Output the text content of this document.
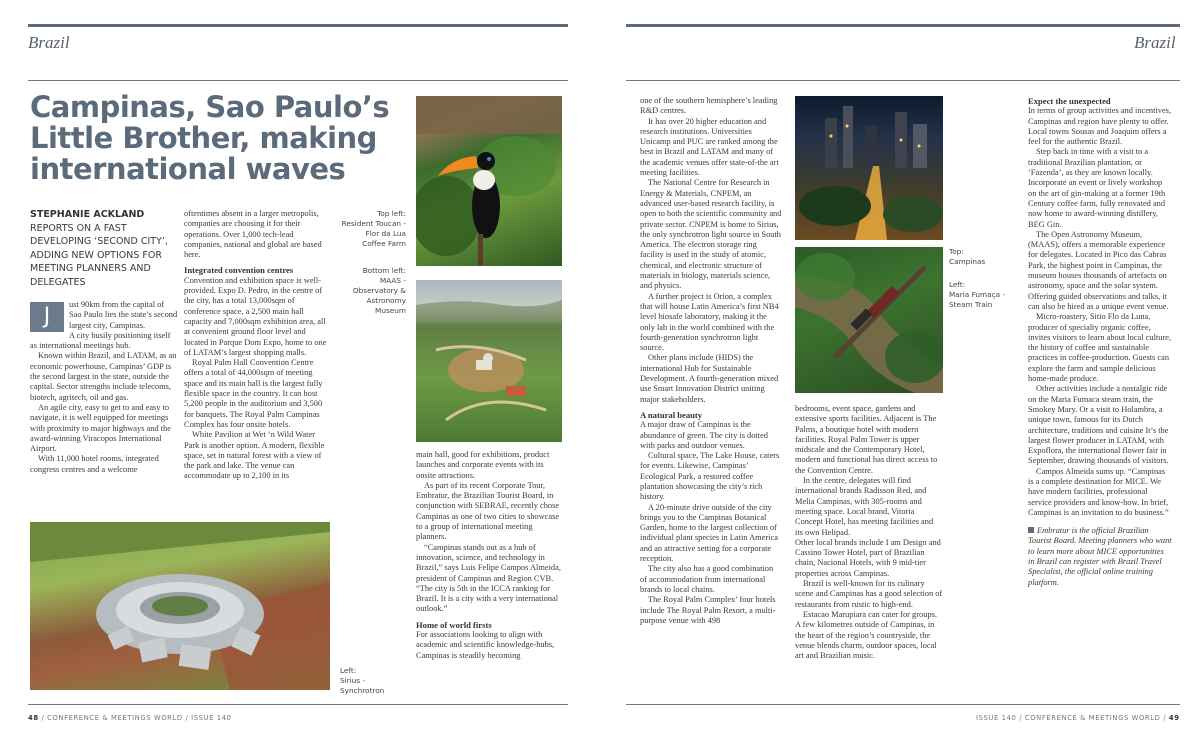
Brazil	Brazil
Campinas, Sao Paulo’s Little Brother, making international waves
STEPHANIE ACKLAND
REPORTS ON A FAST DEVELOPING ‘SECOND CITY’, ADDING NEW OPTIONS FOR MEETING PLANNERS AND DELEGATES

J	ust 90km from the capital of Sao Paulo lies the state’s second largest city, Campinas.

A city busily positioning itself as international meetings hub.

Known within Brazil, and LATAM, as an economic powerhouse, Campinas’ GDP is the second largest in the state, outside the capital. Sector strengths include telecoms, biotech, agritech, oil and gas.

An agile city, easy to get to and easy to navigate, it is well equipped for meetings with proximity to major highways and the award-winning Viracopos International Airport.

With 11,000 hotel rooms, integrated congress centres and a welcome

oftentimes absent in a larger metropolis, companies are choosing it for their operations. Over 1,000 tech-lead companies, national and global are based here.

Integrated convention centres

Convention and exhibition space is well-provided. Expo D. Pedro, in the centre of the city, has a total 13,000sqm of conference space, a 2,500 main hall capacity and 7,000sqm exhibition area, all at convenient ground floor level and located in Parque Dom Expo, home to one of LATAM’s largest shopping malls.

Royal Palm Hall Convention Centre offers a total of 44,000sqm of meeting space and its main hall is the largest fully flexible space in the country. It can host 5,200 people in the auditorium and 3,500 for banquets. The Royal Palm Campinas Complex has four onsite hotels.

White Pavilion at Wet ‘n Wild Water Park is another option. A modern, flexible space, set in natural forest with a view of the park and lake. The venue can accommodate up to 2,100 in its

Top left:

Resident Toucan - Flor da Lua Coffee Farm

Bottom left:

MAAS - Observatory & Astronomy Museum

Left:

Sirius - Synchrotron

main hall, good for exhibitions, product launches and corporate events with its onsite attractions.

As part of its recent Corporate Tour, Embratur, the Brazilian Tourist Board, in conjunction with SEBRAE, recently chose Campinas as one of two cities to showcase to a group of international meeting planners.

“Campinas stands out as a hub of innovation, science, and technology in Brazil,” says Luis Felipe Campos Almeida, president of Campinas and Region CVB. “The city is 5th in the ICCA ranking for Brazil. It is a city with a very international outlook.”

Home of world firsts

For associations looking to align with academic and scientific knowledge-hubs, Campinas is steadily becoming

one of the southern hemisphere’s leading R&D centres.

It has over 20 higher education and research institutions. Universities Unicamp and PUC are ranked among the best in Brazil and LATAM and many of the academic venues offer state-of-the art meeting facilities.

The National Centre for Research in Energy & Materials, CNPEM, an advanced user-based research facility, is open to both the scientific community and private sector. CNPEM is home to Sirius, the only synchrotron light source in South America. The electron storage ring facility is used in the study of atomic, chemical, and electronic structure of materials in biology, materials science, and physics.

A further project is Orion, a complex that will house Latin America’s first NB4 level biosafe laboratory, making it the only lab in the world combined with the fourth-generation synchrotron light source.

Other plans include (HIDS) the international Hub for Sustainable Development. A fourth-generation mixed use Smart Innovation District uniting major stakeholders.

A natural beauty

A major draw of Campinas is the abundance of green. The city is dotted with parks and outdoor venues.

Cultural space, The Lake House, caters for events. Likewise, Campinas’ Ecological Park, a restored coffee plantation showcasing the city’s rich history.

A 20-minute drive outside of the city brings you to the Campinas Botanical Garden, home to the largest collection of individual plant species in Latin America and an attractive setting for a corporate reception.

The city also has a good combination of accommodation from international brands to local chains.

The Royal Palm Complex’ four hotels include The Royal Palm Resort, a multi-purpose venue with 498

Top:

Campinas

Left:

Maria Fumaça - Steam Train

bedrooms, event space, gardens and extensive sports facilities. Adjacent is The Palms, a boutique hotel with modern facilities. Royal Palm Tower is upper midscale and the Contemporary Hotel, modern and functional has direct access to the Convention Centre.

In the centre, delegates will find international brands Radisson Red, and Melia Campinas, with 305-rooms and meeting space. Local brand, Vitoria Concept Hotel, has meeting facilities and its own Helipad.

Other local brands include I am Design and Cassino Tower Hotel, part of Brazilian chain, Nacional Hotels, with 9 mid-tier properties across Campinas.

Brazil is well-known for its culinary scene and Campinas has a good selection of restaurants from rustic to high-end.

Estacao Marupiara can cater for groups. A few kilometres outside of Campinas, in the heart of the region’s countryside, the venue blends charm, outdoor spaces, local art and Brazilian music.

Expect the unexpected

In terms of group activities and incentives, Campinas and region have plenty to offer. Local towns Sousas and Joaquim offers a feel for the authentic Brazil.

Step back in time with a visit to a traditional Brazilian plantation, or ‘Fazenda’, as they are known locally. Incorporate an event or lively workshop on the art of gin-making at a former 19th Century coffee farm, fully renovated and now home to award-winning distillery, BEG Gin.

The Open Astronomy Museum, (MAAS), offers a memorable experience for delegates. Located in Pico das Cabras Park, the highest point in Campinas, the museum houses thousands of artefacts on astronomy, space and the solar system. Offering guided observations and talks, it can also be hired as a unique event venue.

Micro-roastery, Sitio Flo da Luna, producer of specialty organic coffee, invites visitors to learn about local culture, the history of coffee and sustainable practices in coffee-production. Guests can explore the farm and sample delicious home-made produce.

Other activities include a nostalgic ride on the Maria Fumaca steam train, the Smokey Mary. Or a visit to Holambra, a unique town, famous for its Dutch architecture, traditions and cuisine It’s the largest flower producer in LATAM, with Expoflora, the international flower fair in September, drawing thousands of visitors.

Campos Almeida sums up. “Campinas is a complete destination for MICE. We have modern facilities, professional service providers and know-how. In brief, Campinas is an invitation to do business.”

Embratur is the official Brazilian Tourist Board. Meeting planners who want to learn more about MICE opportunities in Brazil can register with Brazil Travel Specialist, the official online training platform.

48 / CONFERENCE & MEETINGS WORLD / ISSUE 140	ISSUE 140 / CONFERENCE & MEETINGS WORLD / 49
